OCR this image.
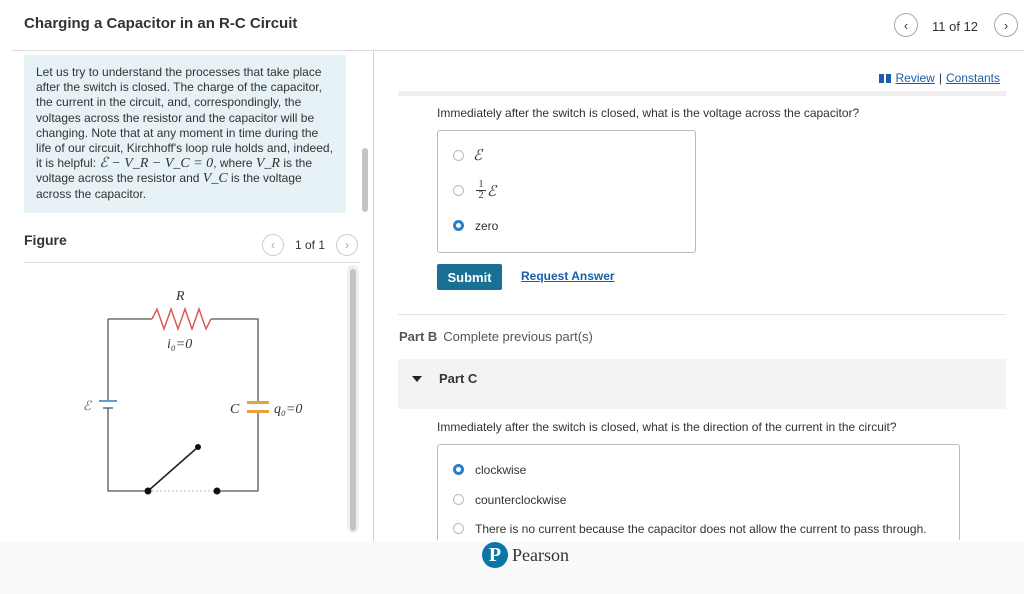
Charging a Capacitor in an R-C Circuit	‹ 11 of 12 ›
Let us try to understand the processes that take place after the switch is closed. The charge of the capacitor, the current in the circuit, and, correspondingly, the voltages across the resistor and the capacitor will be changing. Note that at any moment in time during the life of our circuit, Kirchhoff's loop rule holds and, indeed, it is helpful: ℰ − V_R − V_C = 0, where V_R is the voltage across the resistor and V_C is the voltage across the capacitor.
Figure	‹ 1 of 1 ›
R
i₀=0
ℰ	C q₀=0
Review | Constants
Immediately after the switch is closed, what is the voltage across the capacitor?
ℰ
$\frac{1}{2}$ ℰ
zero
Submit	Request Answer
Part B Complete previous part(s)
Part C
Immediately after the switch is closed, what is the direction of the current in the circuit?
clockwise
counterclockwise
There is no current because the capacitor does not allow the current to pass through.
P Pearson
